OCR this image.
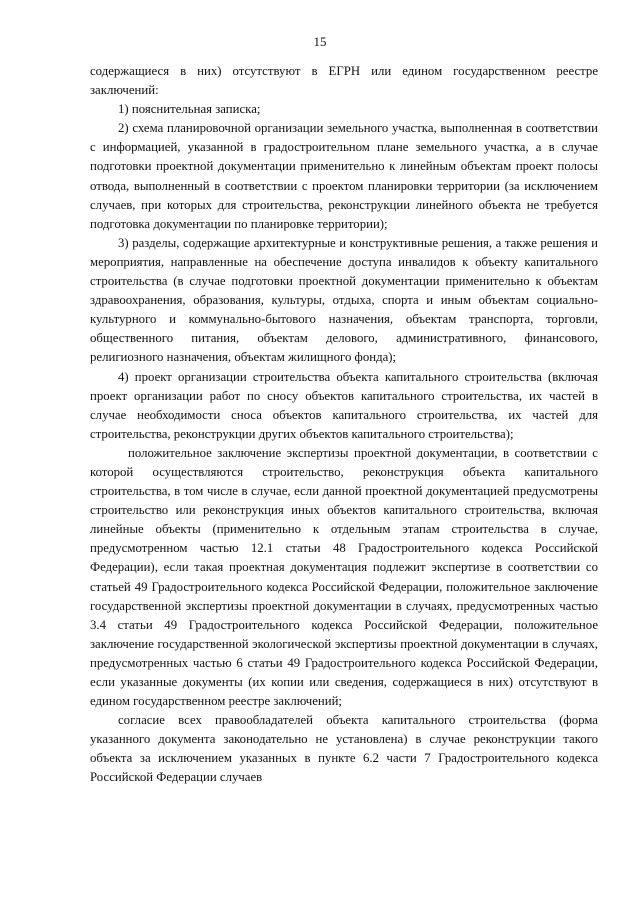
15

содержащиеся в них) отсутствуют в ЕГРН или едином государственном реестре заключений:

1) пояснительная записка;

2) схема планировочной организации земельного участка, выполненная в соответствии с информацией, указанной в градостроительном плане земельного участка, а в случае подготовки проектной документации применительно к линейным объектам проект полосы отвода, выполненный в соответствии с проектом планировки территории (за исключением случаев, при которых для строительства, реконструкции линейного объекта не требуется подготовка документации по планировке территории);

3) разделы, содержащие архитектурные и конструктивные решения, а также решения и мероприятия, направленные на обеспечение доступа инвалидов к объекту капитального строительства (в случае подготовки проектной документации применительно к объектам здравоохранения, образования, культуры, отдыха, спорта и иным объектам социально-культурного и коммунально-бытового назначения, объектам транспорта, торговли, общественного питания, объектам делового, административного, финансового, религиозного назначения, объектам жилищного фонда);

4) проект организации строительства объекта капитального строительства (включая проект организации работ по сносу объектов капитального строительства, их частей в случае необходимости сноса объектов капитального строительства, их частей для строительства, реконструкции других объектов капитального строительства);

положительное заключение экспертизы проектной документации, в соответствии с которой осуществляются строительство, реконструкция объекта капитального строительства, в том числе в случае, если данной проектной документацией предусмотрены строительство или реконструкция иных объектов капитального строительства, включая линейные объекты (применительно к отдельным этапам строительства в случае, предусмотренном частью 12.1 статьи 48 Градостроительного кодекса Российской Федерации), если такая проектная документация подлежит экспертизе в соответствии со статьей 49 Градостроительного кодекса Российской Федерации, положительное заключение государственной экспертизы проектной документации в случаях, предусмотренных частью 3.4 статьи 49 Градостроительного кодекса Российской Федерации, положительное заключение государственной экологической экспертизы проектной документации в случаях, предусмотренных частью 6 статьи 49 Градостроительного кодекса Российской Федерации, если указанные документы (их копии или сведения, содержащиеся в них) отсутствуют в едином государственном реестре заключений;

согласие всех правообладателей объекта капитального строительства (форма указанного документа законодательно не установлена) в случае реконструкции такого объекта за исключением указанных в пункте 6.2 части 7 Градостроительного кодекса Российской Федерации случаев
